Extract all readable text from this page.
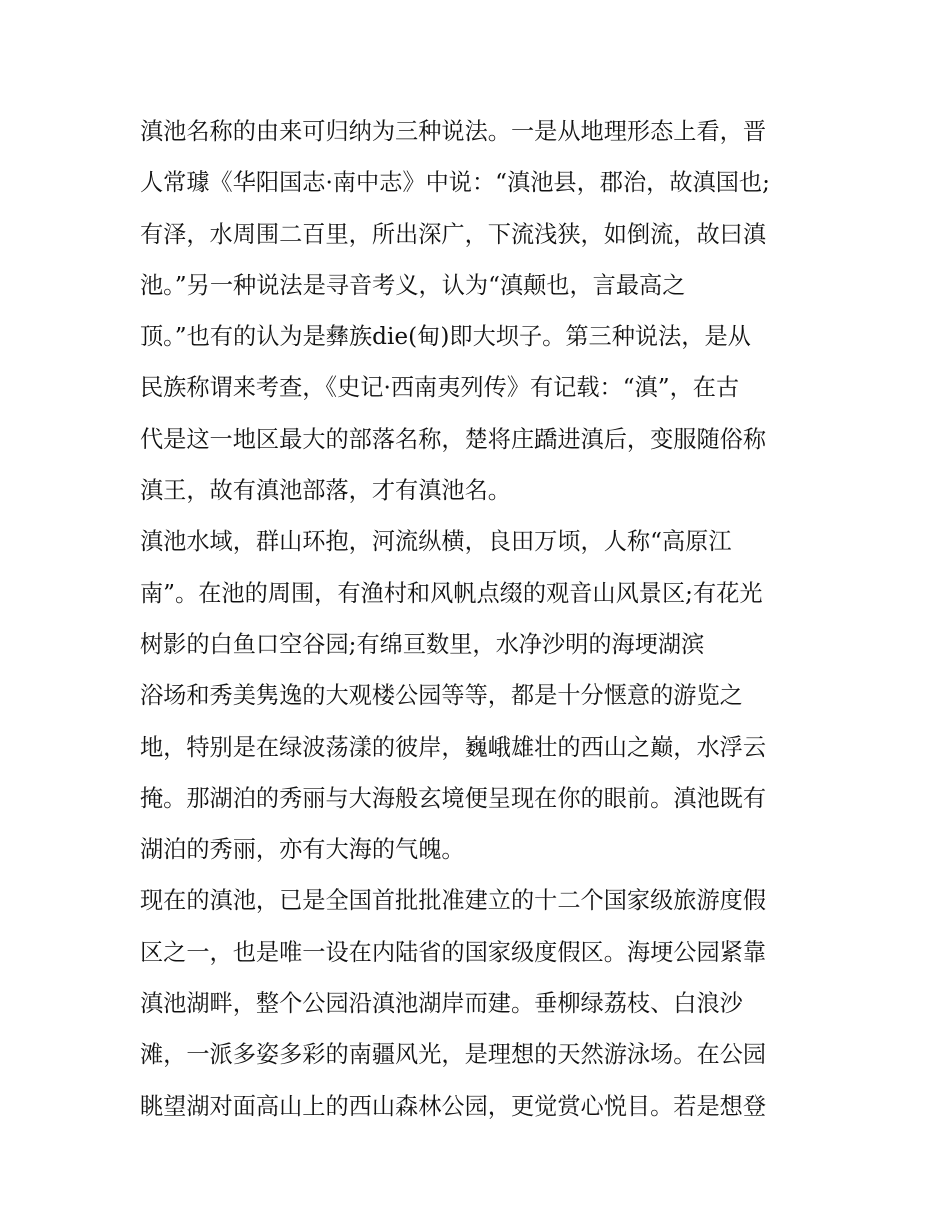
滇池名称的由来可归纳为三种说法。一是从地理形态上看，晋
人常璩《华阳国志·南中志》中说：“滇池县，郡治，故滇国也;
有泽，水周围二百里，所出深广，下流浅狭，如倒流，故曰滇
池。”另一种说法是寻音考义，认为“滇颠也，言最高之
顶。”也有的认为是彝族die(甸)即大坝子。第三种说法，是从
民族称谓来考查，《史记·西南夷列传》有记载：“滇”，在古
代是这一地区最大的部落名称，楚将庄蹻进滇后，变服随俗称
滇王，故有滇池部落，才有滇池名。
滇池水域，群山环抱，河流纵横，良田万顷，人称“高原江
南”。在池的周围，有渔村和风帆点缀的观音山风景区;有花光
树影的白鱼口空谷园;有绵亘数里，水净沙明的海埂湖滨
浴场和秀美隽逸的大观楼公园等等，都是十分惬意的游览之
地，特别是在绿波荡漾的彼岸，巍峨雄壮的西山之巅，水浮云
掩。那湖泊的秀丽与大海般玄境便呈现在你的眼前。滇池既有
湖泊的秀丽，亦有大海的气魄。
现在的滇池，已是全国首批批准建立的十二个国家级旅游度假
区之一，也是唯一设在内陆省的国家级度假区。海埂公园紧靠
滇池湖畔，整个公园沿滇池湖岸而建。垂柳绿荔枝、白浪沙
滩，一派多姿多彩的南疆风光，是理想的天然游泳场。在公园
眺望湖对面高山上的西山森林公园，更觉赏心悦目。若是想登
